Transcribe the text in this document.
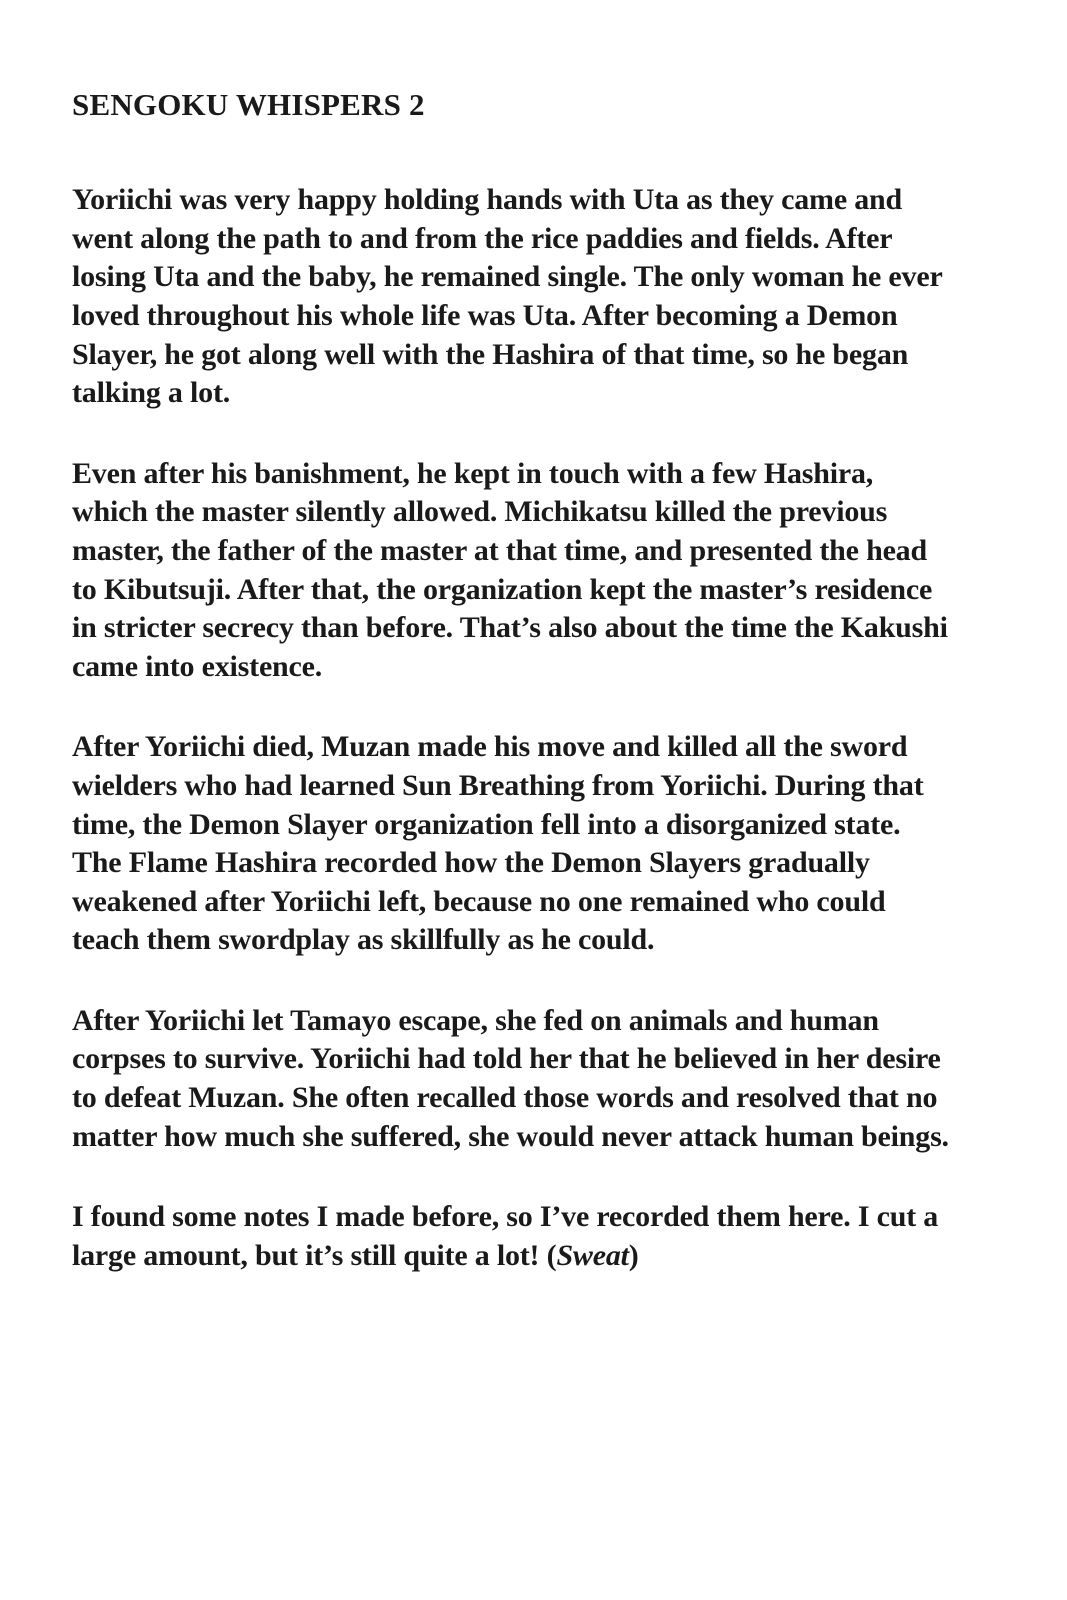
SENGOKU WHISPERS 2

Yoriichi was very happy holding hands with Uta as they came and went along the path to and from the rice paddies and fields. After losing Uta and the baby, he remained single. The only woman he ever loved throughout his whole life was Uta. After becoming a Demon Slayer, he got along well with the Hashira of that time, so he began talking a lot.

Even after his banishment, he kept in touch with a few Hashira, which the master silently allowed. Michikatsu killed the previous master, the father of the master at that time, and presented the head to Kibutsuji. After that, the organization kept the master’s residence in stricter secrecy than before. That’s also about the time the Kakushi came into existence.

After Yoriichi died, Muzan made his move and killed all the sword wielders who had learned Sun Breathing from Yoriichi. During that time, the Demon Slayer organization fell into a disorganized state. The Flame Hashira recorded how the Demon Slayers gradually weakened after Yoriichi left, because no one remained who could teach them swordplay as skillfully as he could.

After Yoriichi let Tamayo escape, she fed on animals and human corpses to survive. Yoriichi had told her that he believed in her desire to defeat Muzan. She often recalled those words and resolved that no matter how much she suffered, she would never attack human beings.

I found some notes I made before, so I’ve recorded them here. I cut a large amount, but it’s still quite a lot! (Sweat)
